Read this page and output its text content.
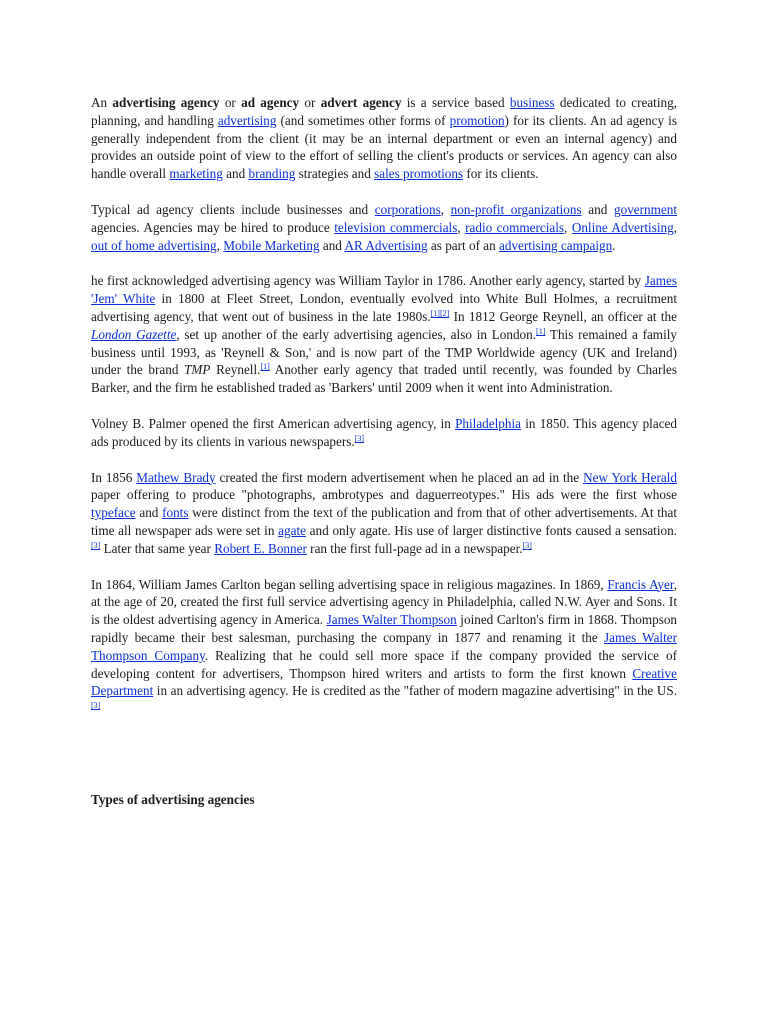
An advertising agency or ad agency or advert agency is a service based business dedicated to creating, planning, and handling advertising (and sometimes other forms of promotion) for its clients. An ad agency is generally independent from the client (it may be an internal department or even an internal agency) and provides an outside point of view to the effort of selling the client's products or services. An agency can also handle overall marketing and branding strategies and sales promotions for its clients.

Typical ad agency clients include businesses and corporations, non-profit organizations and government agencies. Agencies may be hired to produce television commercials, radio commercials, Online Advertising, out of home advertising, Mobile Marketing and AR Advertising as part of an advertising campaign.

he first acknowledged advertising agency was William Taylor in 1786. Another early agency, started by James 'Jem' White in 1800 at Fleet Street, London, eventually evolved into White Bull Holmes, a recruitment advertising agency, that went out of business in the late 1980s.[1][2] In 1812 George Reynell, an officer at the London Gazette, set up another of the early advertising agencies, also in London.[1] This remained a family business until 1993, as 'Reynell & Son,' and is now part of the TMP Worldwide agency (UK and Ireland) under the brand TMP Reynell.[1] Another early agency that traded until recently, was founded by Charles Barker, and the firm he established traded as 'Barkers' until 2009 when it went into Administration.

Volney B. Palmer opened the first American advertising agency, in Philadelphia in 1850. This agency placed ads produced by its clients in various newspapers.[3]

In 1856 Mathew Brady created the first modern advertisement when he placed an ad in the New York Herald paper offering to produce "photographs, ambrotypes and daguerreotypes." His ads were the first whose typeface and fonts were distinct from the text of the publication and from that of other advertisements. At that time all newspaper ads were set in agate and only agate. His use of larger distinctive fonts caused a sensation.[3] Later that same year Robert E. Bonner ran the first full-page ad in a newspaper.[3]

In 1864, William James Carlton began selling advertising space in religious magazines. In 1869, Francis Ayer, at the age of 20, created the first full service advertising agency in Philadelphia, called N.W. Ayer and Sons. It is the oldest advertising agency in America. James Walter Thompson joined Carlton's firm in 1868. Thompson rapidly became their best salesman, purchasing the company in 1877 and renaming it the James Walter Thompson Company. Realizing that he could sell more space if the company provided the service of developing content for advertisers, Thompson hired writers and artists to form the first known Creative Department in an advertising agency. He is credited as the "father of modern magazine advertising" in the US.[3]

Types of advertising agencies
